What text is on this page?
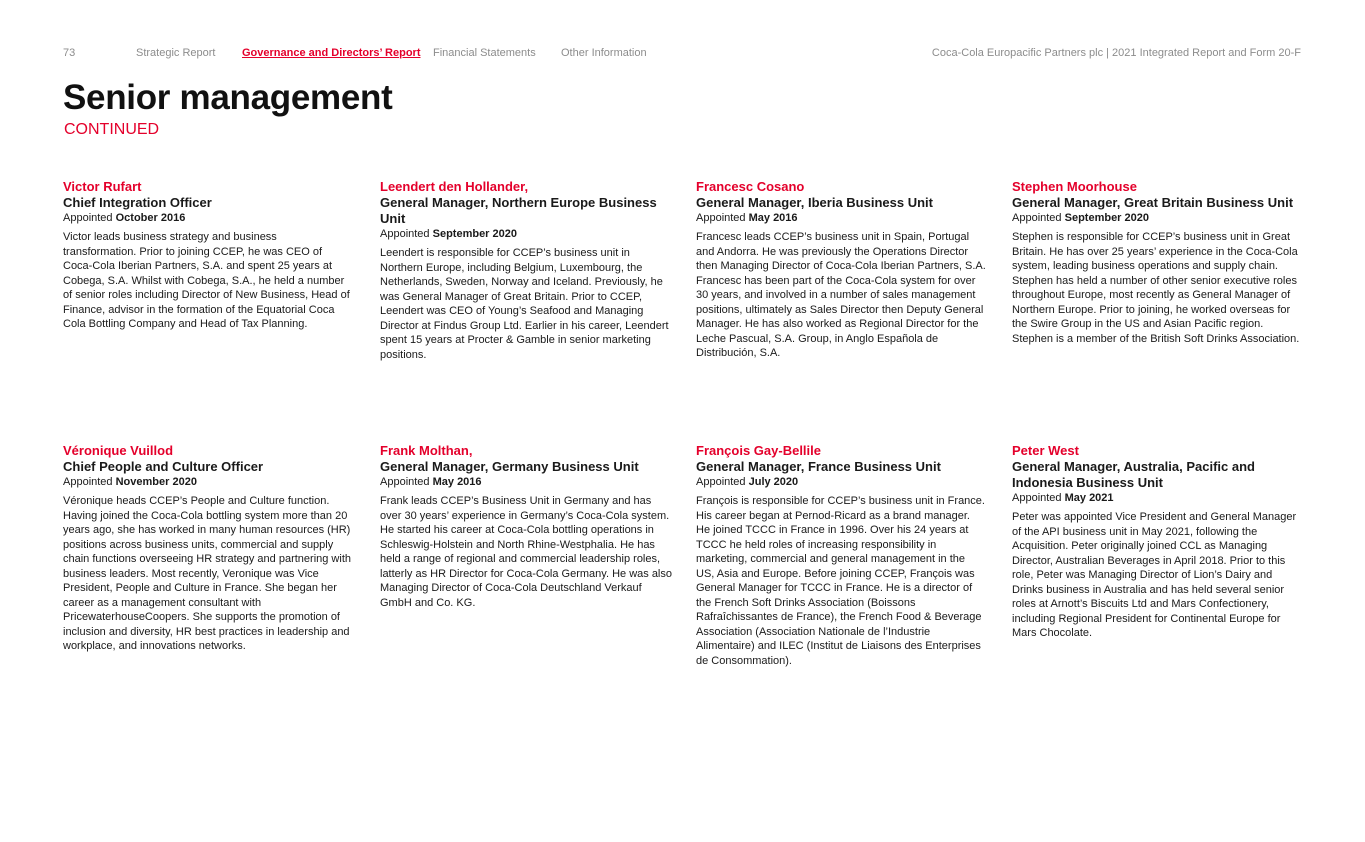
73	Strategic Report Governance and Directors’ Report Financial Statements Other Information	Coca-Cola Europacific Partners plc | 2021 Integrated Report and Form 20-F
Senior management
CONTINUED
Victor Rufart
Chief Integration Officer
Appointed October 2016
Victor leads business strategy and business transformation. Prior to joining CCEP, he was CEO of Coca-Cola Iberian Partners, S.A. and spent 25 years at Cobega, S.A. Whilst with Cobega, S.A., he held a number of senior roles including Director of New Business, Head of Finance, advisor in the formation of the Equatorial Coca Cola Bottling Company and Head of Tax Planning.
Leendert den Hollander,
General Manager, Northern Europe Business Unit
Appointed September 2020
Leendert is responsible for CCEP’s business unit in Northern Europe, including Belgium, Luxembourg, the Netherlands, Sweden, Norway and Iceland. Previously, he was General Manager of Great Britain. Prior to CCEP, Leendert was CEO of Young’s Seafood and Managing Director at Findus Group Ltd. Earlier in his career, Leendert spent 15 years at Procter & Gamble in senior marketing positions.
Francesc Cosano
General Manager, Iberia Business Unit
Appointed May 2016
Francesc leads CCEP’s business unit in Spain, Portugal and Andorra. He was previously the Operations Director then Managing Director of Coca-Cola Iberian Partners, S.A. Francesc has been part of the Coca-Cola system for over 30 years, and involved in a number of sales management positions, ultimately as Sales Director then Deputy General Manager. He has also worked as Regional Director for the Leche Pascual, S.A. Group, in Anglo Española de Distribución, S.A.
Stephen Moorhouse
General Manager, Great Britain Business Unit
Appointed September 2020
Stephen is responsible for CCEP’s business unit in Great Britain. He has over 25 years’ experience in the Coca-Cola system, leading business operations and supply chain. Stephen has held a number of other senior executive roles throughout Europe, most recently as General Manager of Northern Europe. Prior to joining, he worked overseas for the Swire Group in the US and Asian Pacific region. Stephen is a member of the British Soft Drinks Association.
Véronique Vuillod
Chief People and Culture Officer
Appointed November 2020
Véronique heads CCEP’s People and Culture function. Having joined the Coca-Cola bottling system more than 20 years ago, she has worked in many human resources (HR) positions across business units, commercial and supply chain functions overseeing HR strategy and partnering with business leaders. Most recently, Veronique was Vice President, People and Culture in France. She began her career as a management consultant with PricewaterhouseCoopers. She supports the promotion of inclusion and diversity, HR best practices in leadership and workplace, and innovations networks.
Frank Molthan,
General Manager, Germany Business Unit
Appointed May 2016
Frank leads CCEP’s Business Unit in Germany and has over 30 years’ experience in Germany’s Coca-Cola system. He started his career at Coca-Cola bottling operations in Schleswig-Holstein and North Rhine-Westphalia. He has held a range of regional and commercial leadership roles, latterly as HR Director for Coca-Cola Germany. He was also Managing Director of Coca-Cola Deutschland Verkauf GmbH and Co. KG.
François Gay-Bellile
General Manager, France Business Unit
Appointed July 2020
François is responsible for CCEP’s business unit in France. His career began at Pernod-Ricard as a brand manager. He joined TCCC in France in 1996. Over his 24 years at TCCC he held roles of increasing responsibility in marketing, commercial and general management in the US, Asia and Europe. Before joining CCEP, François was General Manager for TCCC in France. He is a director of the French Soft Drinks Association (Boissons Rafraîchissantes de France), the French Food & Beverage Association (Association Nationale de l’Industrie Alimentaire) and ILEC (Institut de Liaisons des Enterprises de Consommation).
Peter West
General Manager, Australia, Pacific and Indonesia Business Unit
Appointed May 2021
Peter was appointed Vice President and General Manager of the API business unit in May 2021, following the Acquisition. Peter originally joined CCL as Managing Director, Australian Beverages in April 2018. Prior to this role, Peter was Managing Director of Lion’s Dairy and Drinks business in Australia and has held several senior roles at Arnott’s Biscuits Ltd and Mars Confectionery, including Regional President for Continental Europe for Mars Chocolate.
